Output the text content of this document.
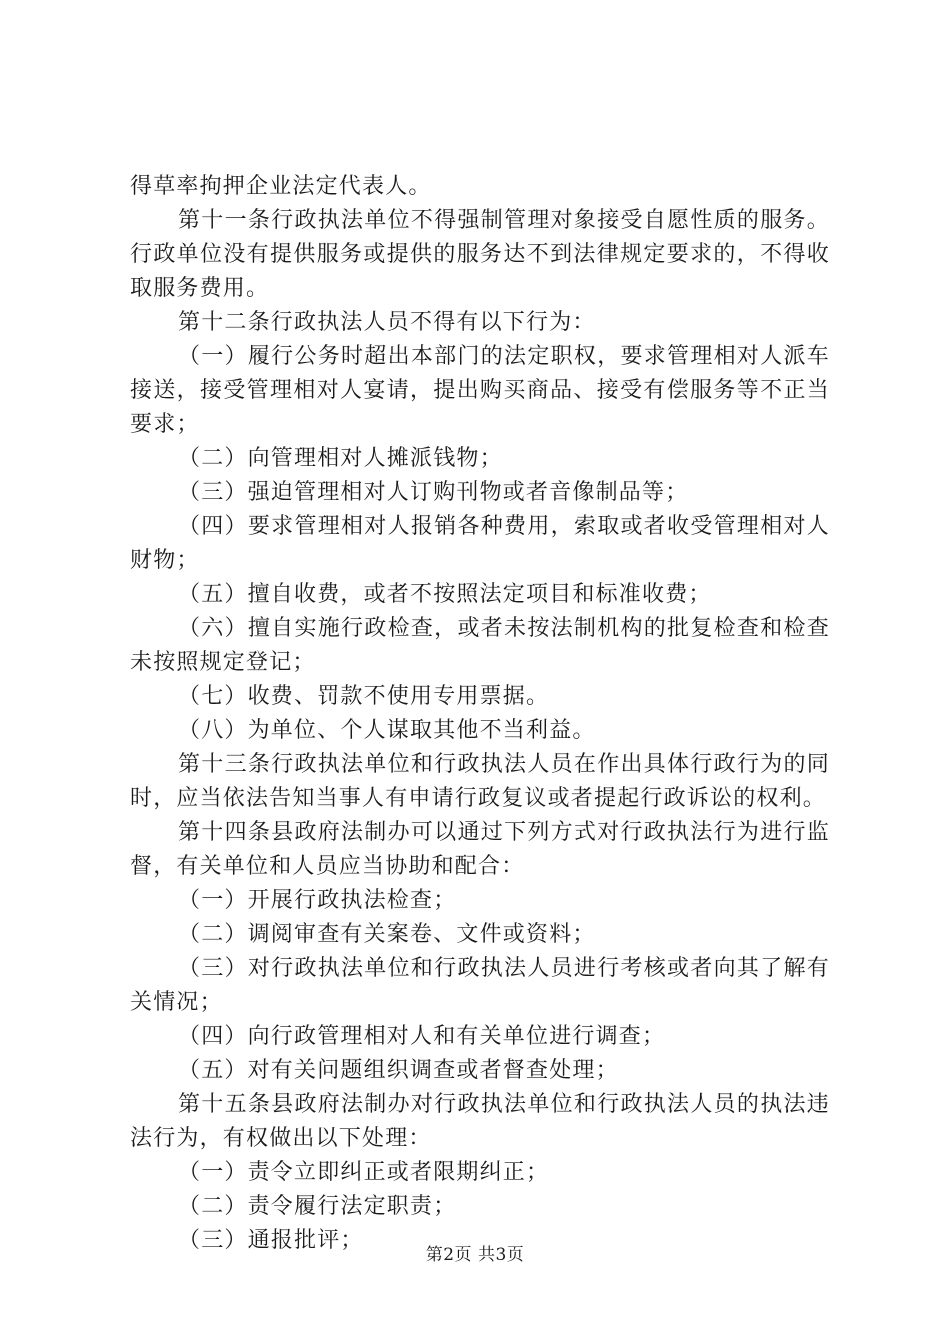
得草率拘押企业法定代表人。

第十一条行政执法单位不得强制管理对象接受自愿性质的服务。行政单位没有提供服务或提供的服务达不到法律规定要求的，不得收取服务费用。

第十二条行政执法人员不得有以下行为：

（一）履行公务时超出本部门的法定职权，要求管理相对人派车接送，接受管理相对人宴请，提出购买商品、接受有偿服务等不正当要求；

（二）向管理相对人摊派钱物；

（三）强迫管理相对人订购刊物或者音像制品等；

（四）要求管理相对人报销各种费用，索取或者收受管理相对人财物；

（五）擅自收费，或者不按照法定项目和标准收费；

（六）擅自实施行政检查，或者未按法制机构的批复检查和检查未按照规定登记；

（七）收费、罚款不使用专用票据。

（八）为单位、个人谋取其他不当利益。

第十三条行政执法单位和行政执法人员在作出具体行政行为的同时，应当依法告知当事人有申请行政复议或者提起行政诉讼的权利。

第十四条县政府法制办可以通过下列方式对行政执法行为进行监督，有关单位和人员应当协助和配合：

（一）开展行政执法检查；

（二）调阅审查有关案卷、文件或资料；

（三）对行政执法单位和行政执法人员进行考核或者向其了解有关情况；

（四）向行政管理相对人和有关单位进行调查；

（五）对有关问题组织调查或者督查处理；

第十五条县政府法制办对行政执法单位和行政执法人员的执法违法行为，有权做出以下处理：

（一）责令立即纠正或者限期纠正；

（二）责令履行法定职责；

（三）通报批评；

第2页 共3页
